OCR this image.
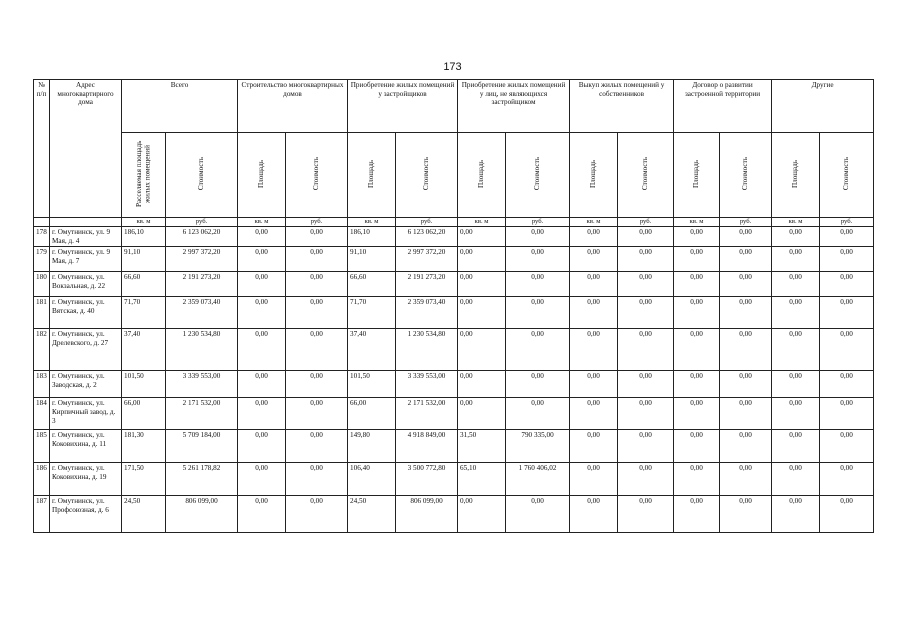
173
№ п/п	Адрес многоквартирного дома	Всего		Строительство многоквартирных домов		Приобретение жилых помещений у застройщиков		Приобретение жилых помещений у лиц, не являющихся застройщиком		Выкуп жилых помещений у собственников		Договор о развитии застроенной территории		Другие	
		Расселяемая площадь жилых помещений	Стоимость	Площадь	Стоимость	Площадь	Стоимость	Площадь	Стоимость	Площадь	Стоимость	Площадь	Стоимость	Площадь	Стоимость
		кв. м	руб.	кв. м	руб.	кв. м	руб.	кв. м	руб.	кв. м	руб.	кв. м	руб.	кв. м	руб.
178	г. Омутнинск, ул. 9 Мая, д. 4	186,10	6 123 062,20	0,00	0,00	186,10	6 123 062,20	0,00	0,00	0,00	0,00	0,00	0,00	0,00	0,00
179	г. Омутнинск, ул. 9 Мая, д. 7	91,10	2 997 372,20	0,00	0,00	91,10	2 997 372,20	0,00	0,00	0,00	0,00	0,00	0,00	0,00	0,00
180	г. Омутнинск, ул. Вокзальная, д. 22	66,60	2 191 273,20	0,00	0,00	66,60	2 191 273,20	0,00	0,00	0,00	0,00	0,00	0,00	0,00	0,00
181	г. Омутнинск, ул. Вятская, д. 40	71,70	2 359 073,40	0,00	0,00	71,70	2 359 073,40	0,00	0,00	0,00	0,00	0,00	0,00	0,00	0,00
182	г. Омутнинск, ул. Дрелевского, д. 27	37,40	1 230 534,80	0,00	0,00	37,40	1 230 534,80	0,00	0,00	0,00	0,00	0,00	0,00	0,00	0,00
183	г. Омутнинск, ул. Заводская, д. 2	101,50	3 339 553,00	0,00	0,00	101,50	3 339 553,00	0,00	0,00	0,00	0,00	0,00	0,00	0,00	0,00
184	г. Омутнинск, ул. Кирпичный завод, д. 3	66,00	2 171 532,00	0,00	0,00	66,00	2 171 532,00	0,00	0,00	0,00	0,00	0,00	0,00	0,00	0,00
185	г. Омутнинск, ул. Коковихина, д. 11	181,30	5 709 184,00	0,00	0,00	149,80	4 918 849,00	31,50	790 335,00	0,00	0,00	0,00	0,00	0,00	0,00
186	г. Омутнинск, ул. Коковихина, д. 19	171,50	5 261 178,82	0,00	0,00	106,40	3 500 772,80	65,10	1 760 406,02	0,00	0,00	0,00	0,00	0,00	0,00
187	г. Омутнинск, ул. Профсоюзная, д. 6	24,50	806 099,00	0,00	0,00	24,50	806 099,00	0,00	0,00	0,00	0,00	0,00	0,00	0,00	0,00
